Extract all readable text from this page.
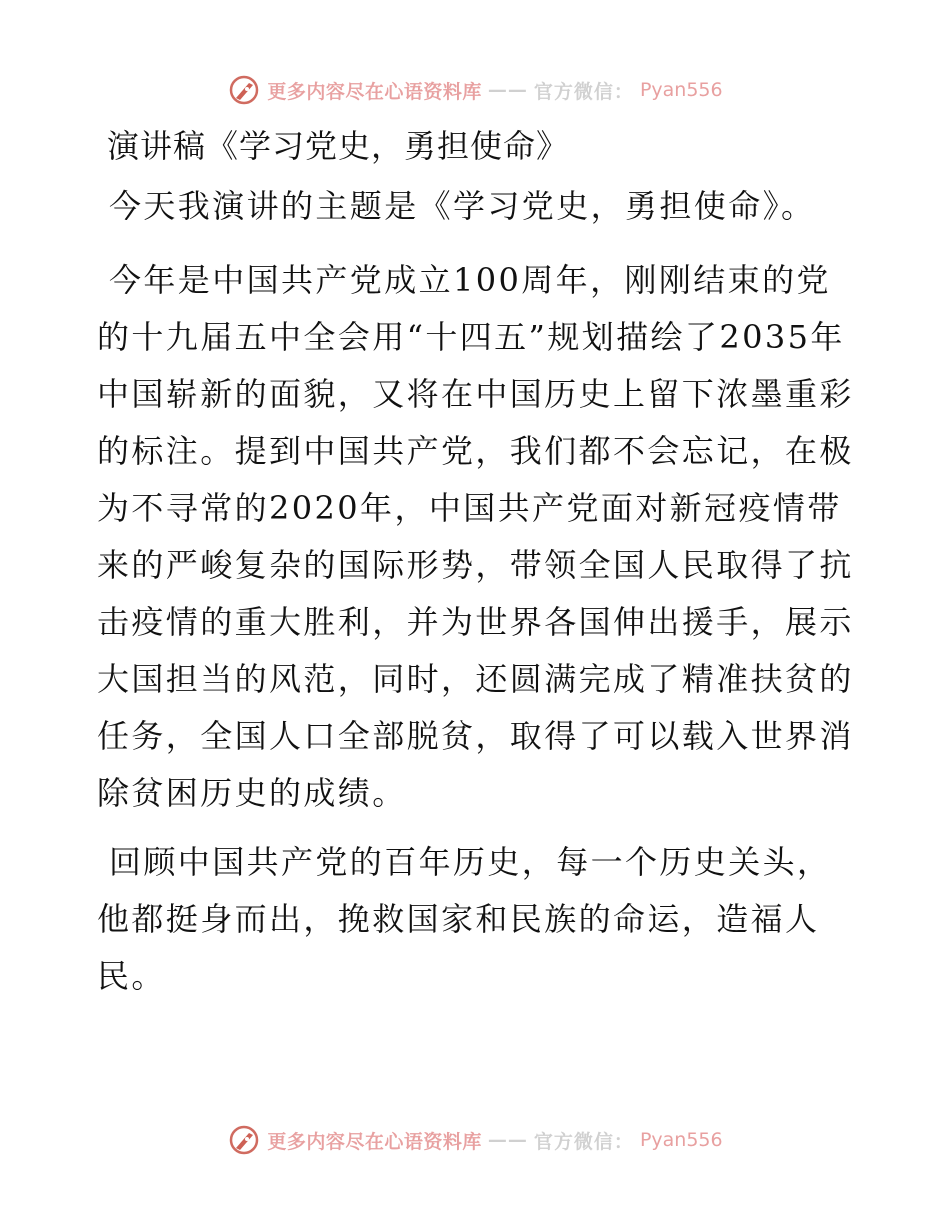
更多内容尽在心语资料库 —— 官方微信： Pyan556
演讲稿《学习党史，勇担使命》

今天我演讲的主题是《学习党史，勇担使命》。

今年是中国共产党成立100周年，刚刚结束的党的十九届五中全会用“十四五”规划描绘了2035年中国崭新的面貌，又将在中国历史上留下浓墨重彩的标注。提到中国共产党，我们都不会忘记，在极为不寻常的2020年，中国共产党面对新冠疫情带来的严峻复杂的国际形势，带领全国人民取得了抗击疫情的重大胜利，并为世界各国伸出援手，展示大国担当的风范，同时，还圆满完成了精准扶贫的任务，全国人口全部脱贫，取得了可以载入世界消除贫困历史的成绩。

回顾中国共产党的百年历史，每一个历史关头，他都挺身而出，挽救国家和民族的命运，造福人民。

更多内容尽在心语资料库 —— 官方微信： Pyan556
